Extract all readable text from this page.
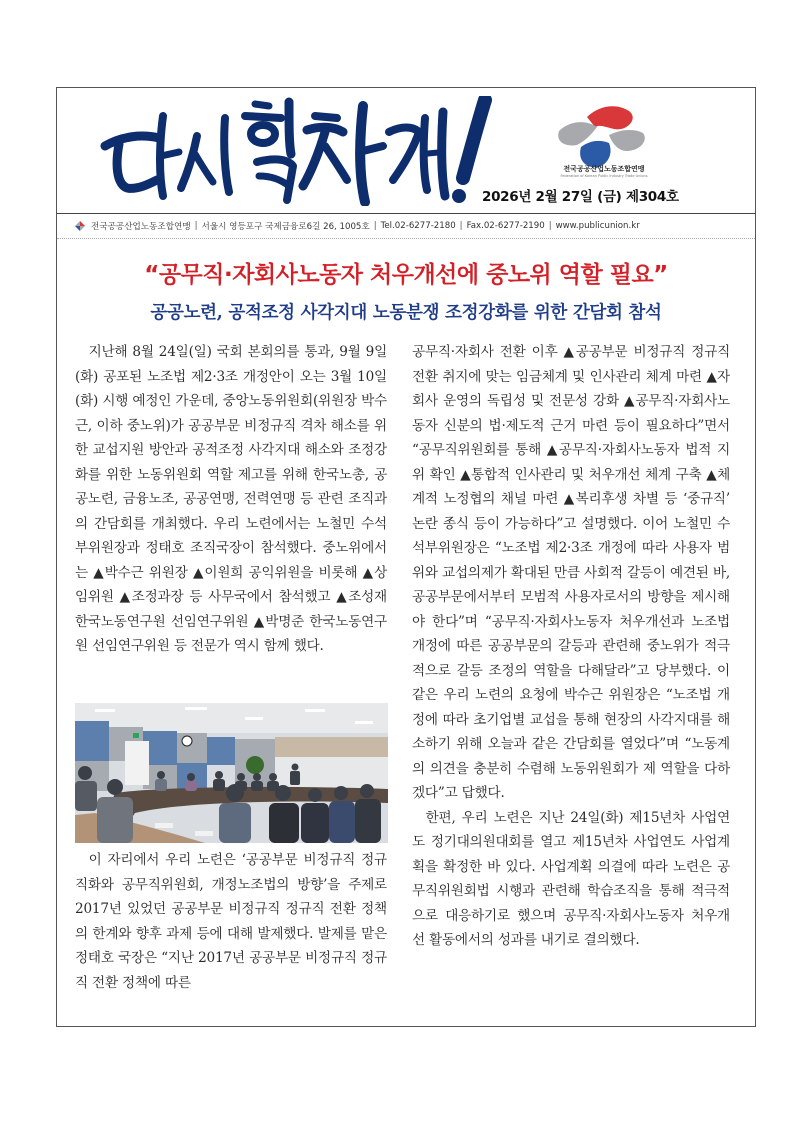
전국공공산업노동조합연맹
Federation of Korean Public Industry Trade Unions
2026년 2월 27일 (금) 제304호
전국공공산업노동조합연맹 | 서울시 영등포구 국제금융로6길 26, 1005호 | Tel.02-6277-2180 | Fax.02-6277-2190 | www.publicunion.kr
“공무직·자회사노동자 처우개선에 중노위 역할 필요”
공공노련, 공적조정 사각지대 노동분쟁 조정강화를 위한 간담회 참석

지난해 8월 24일(일) 국회 본회의를 통과, 9월 9일(화) 공포된 노조법 제2·3조 개정안이 오는 3월 10일(화) 시행 예정인 가운데, 중앙노동위원회(위원장 박수근, 이하 중노위)가 공공부문 비정규직 격차 해소를 위한 교섭지원 방안과 공적조정 사각지대 해소와 조정강화를 위한 노동위원회 역할 제고를 위해 한국노총, 공공노련, 금융노조, 공공연맹, 전력연맹 등 관련 조직과의 간담회를 개최했다. 우리 노련에서는 노철민 수석부위원장과 정태호 조직국장이 참석했다. 중노위에서는 ▲박수근 위원장 ▲이원희 공익위원을 비롯해 ▲상임위원 ▲조정과장 등 사무국에서 참석했고 ▲조성재 한국노동연구원 선임연구위원 ▲박명준 한국노동연구원 선임연구위원 등 전문가 역시 함께 했다.

이 자리에서 우리 노련은 ‘공공부문 비정규직 정규직화와 공무직위원회, 개정노조법의 방향’을 주제로 2017년 있었던 공공부문 비정규직 정규직 전환 정책의 한계와 향후 과제 등에 대해 발제했다. 발제를 맡은 정태호 국장은 “지난 2017년 공공부문 비정규직 정규직 전환 정책에 따른

공무직·자회사 전환 이후 ▲공공부문 비정규직 정규직 전환 취지에 맞는 임금체계 및 인사관리 체계 마련 ▲자회사 운영의 독립성 및 전문성 강화 ▲공무직·자회사노동자 신분의 법·제도적 근거 마련 등이 필요하다”면서 “공무직위원회를 통해 ▲공무직·자회사노동자 법적 지위 확인 ▲통합적 인사관리 및 처우개선 체계 구축 ▲체계적 노정협의 채널 마련 ▲복리후생 차별 등 ‘중규직’ 논란 종식 등이 가능하다”고 설명했다. 이어 노철민 수석부위원장은 “노조법 제2·3조 개정에 따라 사용자 범위와 교섭의제가 확대된 만큼 사회적 갈등이 예견된 바, 공공부문에서부터 모범적 사용자로서의 방향을 제시해야 한다”며 “공무직·자회사노동자 처우개선과 노조법 개정에 따른 공공부문의 갈등과 관련해 중노위가 적극적으로 갈등 조정의 역할을 다해달라”고 당부했다. 이 같은 우리 노련의 요청에 박수근 위원장은 “노조법 개정에 따라 초기업별 교섭을 통해 현장의 사각지대를 해소하기 위해 오늘과 같은 간담회를 열었다”며 “노동계의 의견을 충분히 수렴해 노동위원회가 제 역할을 다하겠다”고 답했다.

한편, 우리 노련은 지난 24일(화) 제15년차 사업연도 정기대의원대회를 열고 제15년차 사업연도 사업계획을 확정한 바 있다. 사업계획 의결에 따라 노련은 공무직위원회법 시행과 관련해 학습조직을 통해 적극적으로 대응하기로 했으며 공무직·자회사노동자 처우개선 활동에서의 성과를 내기로 결의했다.
